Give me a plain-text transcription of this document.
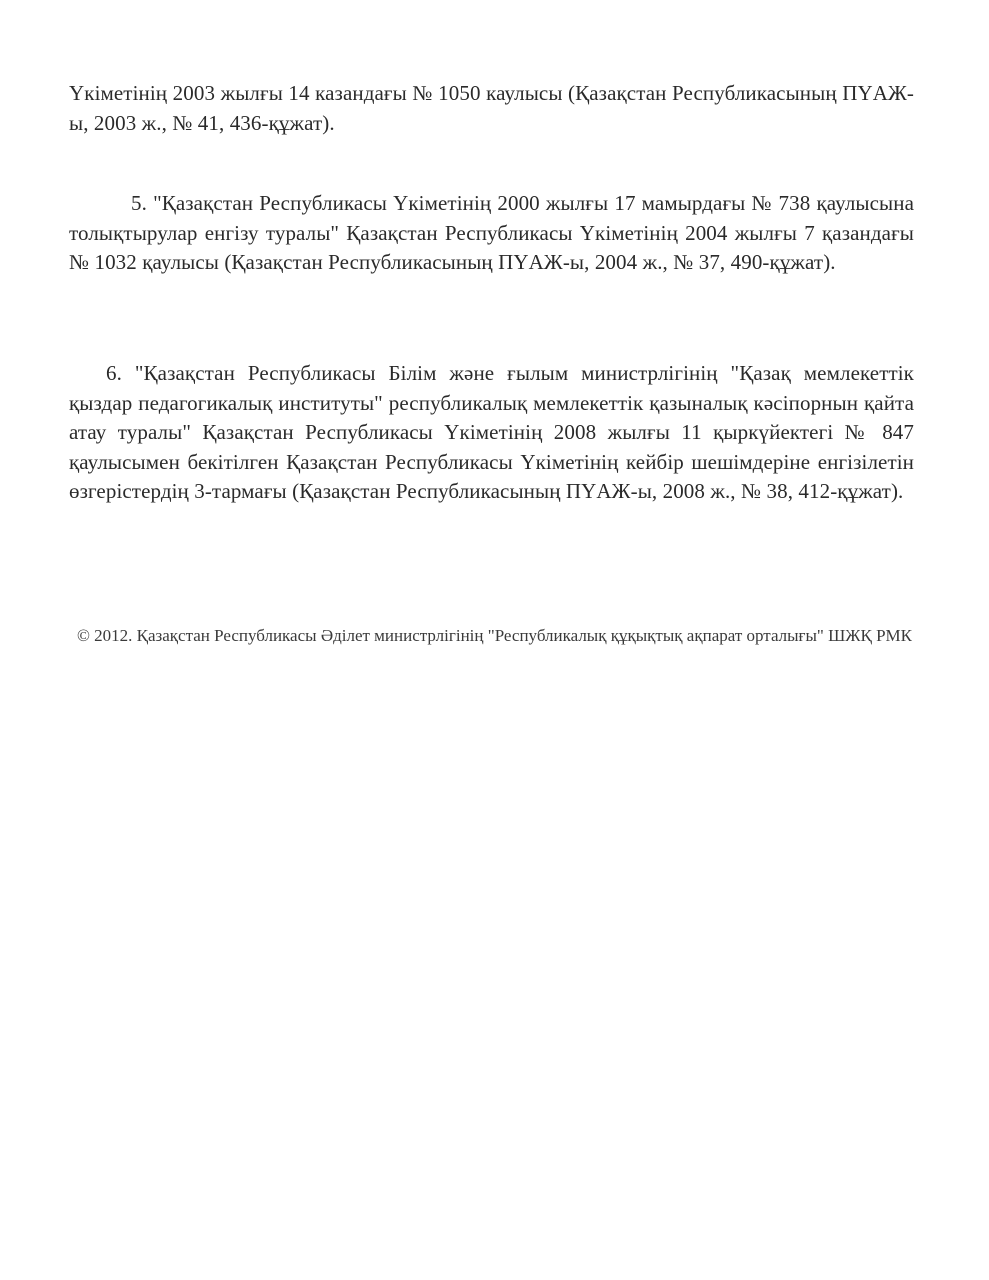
Үкіметінің 2003 жылғы 14 казандағы № 1050 каулысы (Қазақстан Республикасының ПҮАЖ-ы, 2003 ж., № 41, 436-құжат).

5. "Қазақстан Республикасы Үкіметінің 2000 жылғы 17 мамырдағы № 738 қаулысына толықтырулар енгізу туралы" Қазақстан Республикасы Үкіметінің 2004 жылғы 7 қазандағы № 1032 қаулысы (Қазақстан Республикасының ПҮАЖ-ы, 2004 ж., № 37, 490-құжат).

6. "Қазақстан Республикасы Білім және ғылым министрлігінің "Қазақ мемлекеттік қыздар педагогикалық институты" республикалық мемлекеттік қазыналық кәсіпорнын қайта атау туралы" Қазақстан Республикасы Үкіметінің 2008 жылғы 11 қыркүйектегі № 847 қаулысымен бекітілген Қазақстан Республикасы Үкіметінің кейбір шешімдеріне енгізілетін өзгерістердің 3-тармағы (Қазақстан Республикасының ПҮАЖ-ы, 2008 ж., № 38, 412-құжат).

© 2012. Қазақстан Республикасы Әділет министрлігінің "Республикалық құқықтық ақпарат орталығы" ШЖҚ РМК
